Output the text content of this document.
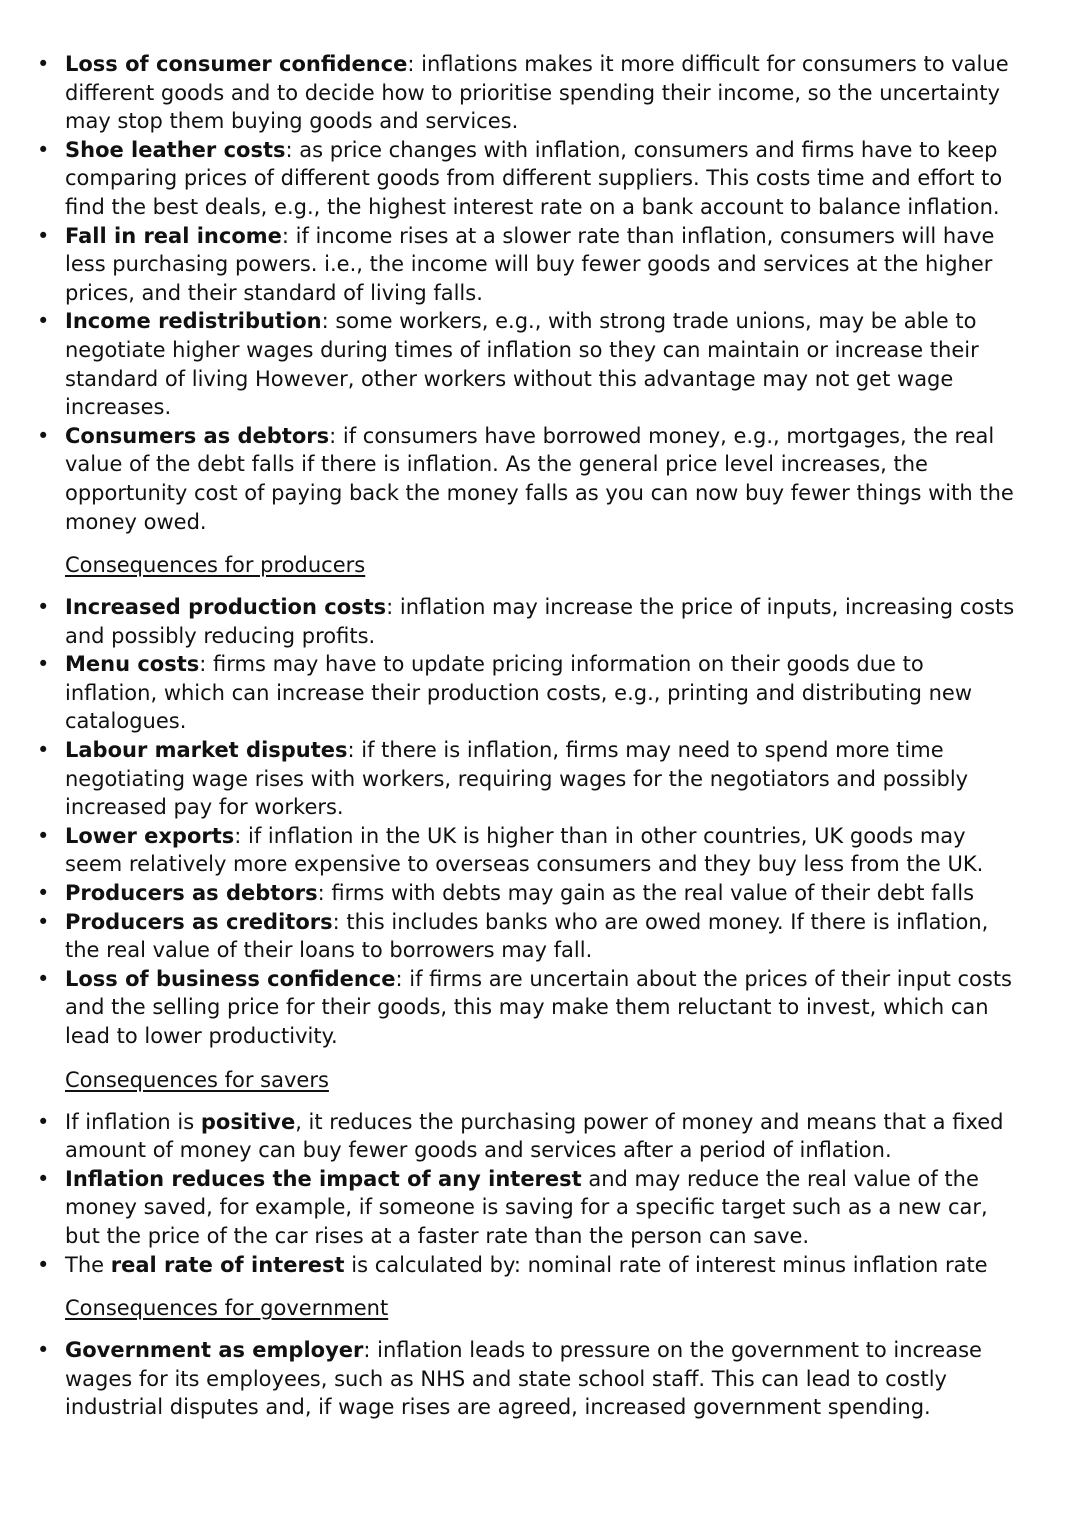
• Loss of consumer confidence: inflations makes it more difficult for consumers to value different goods and to decide how to prioritise spending their income, so the uncertainty may stop them buying goods and services.
• Shoe leather costs: as price changes with inflation, consumers and firms have to keep comparing prices of different goods from different suppliers. This costs time and effort to find the best deals, e.g., the highest interest rate on a bank account to balance inflation.
• Fall in real income: if income rises at a slower rate than inflation, consumers will have less purchasing powers. i.e., the income will buy fewer goods and services at the higher prices, and their standard of living falls.
• Income redistribution: some workers, e.g., with strong trade unions, may be able to negotiate higher wages during times of inflation so they can maintain or increase their standard of living However, other workers without this advantage may not get wage increases.
• Consumers as debtors: if consumers have borrowed money, e.g., mortgages, the real value of the debt falls if there is inflation. As the general price level increases, the opportunity cost of paying back the money falls as you can now buy fewer things with the money owed.
Consequences for producers
• Increased production costs: inflation may increase the price of inputs, increasing costs and possibly reducing profits.
• Menu costs: firms may have to update pricing information on their goods due to inflation, which can increase their production costs, e.g., printing and distributing new catalogues.
• Labour market disputes: if there is inflation, firms may need to spend more time negotiating wage rises with workers, requiring wages for the negotiators and possibly increased pay for workers.
• Lower exports: if inflation in the UK is higher than in other countries, UK goods may seem relatively more expensive to overseas consumers and they buy less from the UK.
• Producers as debtors: firms with debts may gain as the real value of their debt falls
• Producers as creditors: this includes banks who are owed money. If there is inflation, the real value of their loans to borrowers may fall.
• Loss of business confidence: if firms are uncertain about the prices of their input costs and the selling price for their goods, this may make them reluctant to invest, which can lead to lower productivity.
Consequences for savers
• If inflation is positive, it reduces the purchasing power of money and means that a fixed amount of money can buy fewer goods and services after a period of inflation.
• Inflation reduces the impact of any interest and may reduce the real value of the money saved, for example, if someone is saving for a specific target such as a new car, but the price of the car rises at a faster rate than the person can save.
• The real rate of interest is calculated by: nominal rate of interest minus inflation rate
Consequences for government
• Government as employer: inflation leads to pressure on the government to increase wages for its employees, such as NHS and state school staff. This can lead to costly industrial disputes and, if wage rises are agreed, increased government spending.
